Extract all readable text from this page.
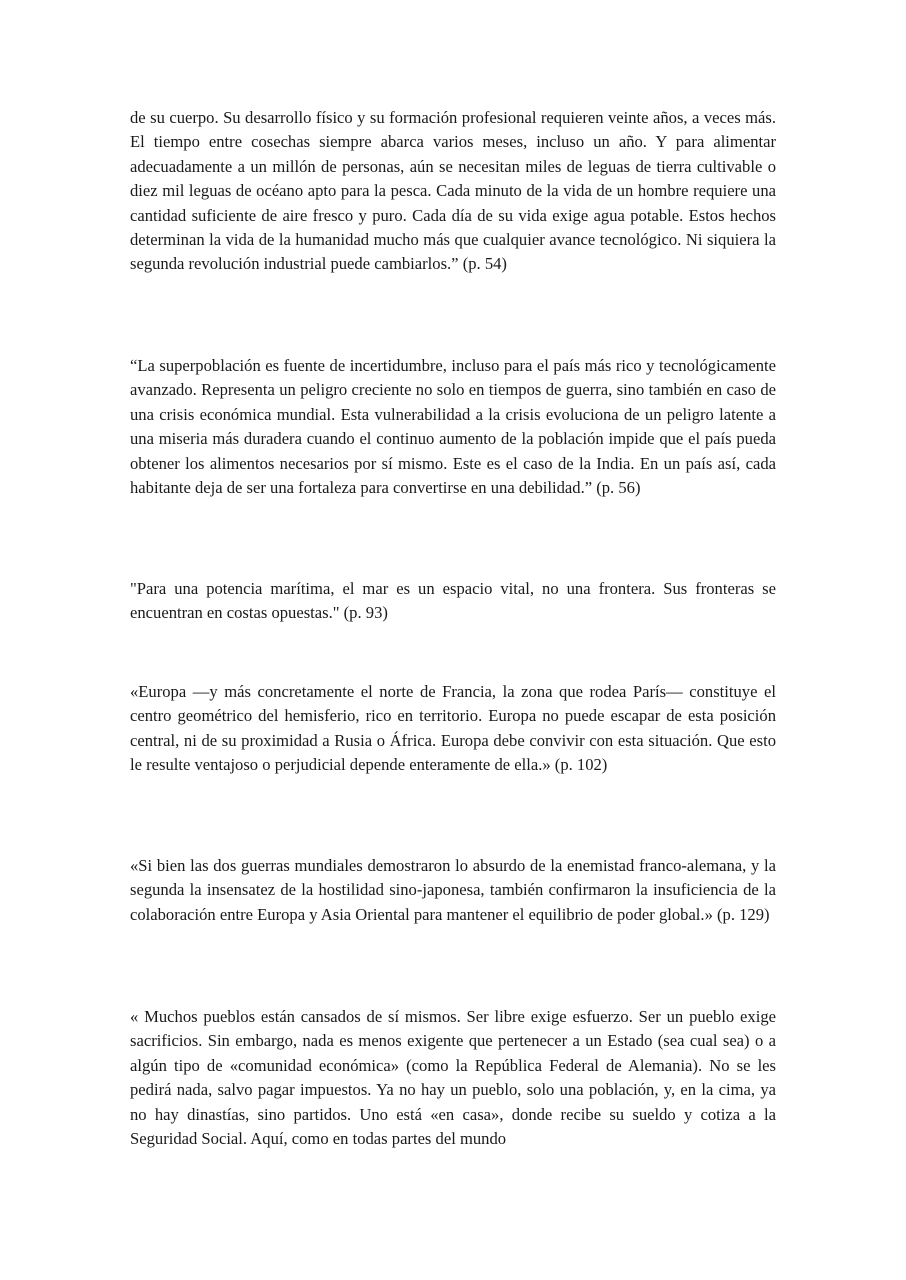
de su cuerpo. Su desarrollo físico y su formación profesional requieren veinte años, a veces más. El tiempo entre cosechas siempre abarca varios meses, incluso un año. Y para alimentar adecuadamente a un millón de personas, aún se necesitan miles de leguas de tierra cultivable o diez mil leguas de océano apto para la pesca. Cada minuto de la vida de un hombre requiere una cantidad suficiente de aire fresco y puro. Cada día de su vida exige agua potable. Estos hechos determinan la vida de la humanidad mucho más que cualquier avance tecnológico. Ni siquiera la segunda revolución industrial puede cambiarlos.” (p. 54)

“La superpoblación es fuente de incertidumbre, incluso para el país más rico y tecnológicamente avanzado. Representa un peligro creciente no solo en tiempos de guerra, sino también en caso de una crisis económica mundial. Esta vulnerabilidad a la crisis evoluciona de un peligro latente a una miseria más duradera cuando el continuo aumento de la población impide que el país pueda obtener los alimentos necesarios por sí mismo. Este es el caso de la India. En un país así, cada habitante deja de ser una fortaleza para convertirse en una debilidad.” (p. 56)

"Para una potencia marítima, el mar es un espacio vital, no una frontera. Sus fronteras se encuentran en costas opuestas." (p. 93)

«Europa —y más concretamente el norte de Francia, la zona que rodea París— constituye el centro geométrico del hemisferio, rico en territorio. Europa no puede escapar de esta posición central, ni de su proximidad a Rusia o África. Europa debe convivir con esta situación. Que esto le resulte ventajoso o perjudicial depende enteramente de ella.» (p. 102)

«Si bien las dos guerras mundiales demostraron lo absurdo de la enemistad franco-alemana, y la segunda la insensatez de la hostilidad sino-japonesa, también confirmaron la insuficiencia de la colaboración entre Europa y Asia Oriental para mantener el equilibrio de poder global.» (p. 129)

« Muchos pueblos están cansados de sí mismos. Ser libre exige esfuerzo. Ser un pueblo exige sacrificios. Sin embargo, nada es menos exigente que pertenecer a un Estado (sea cual sea) o a algún tipo de «comunidad económica» (como la República Federal de Alemania). No se les pedirá nada, salvo pagar impuestos. Ya no hay un pueblo, solo una población, y, en la cima, ya no hay dinastías, sino partidos. Uno está «en casa», donde recibe su sueldo y cotiza a la Seguridad Social. Aquí, como en todas partes del mundo
